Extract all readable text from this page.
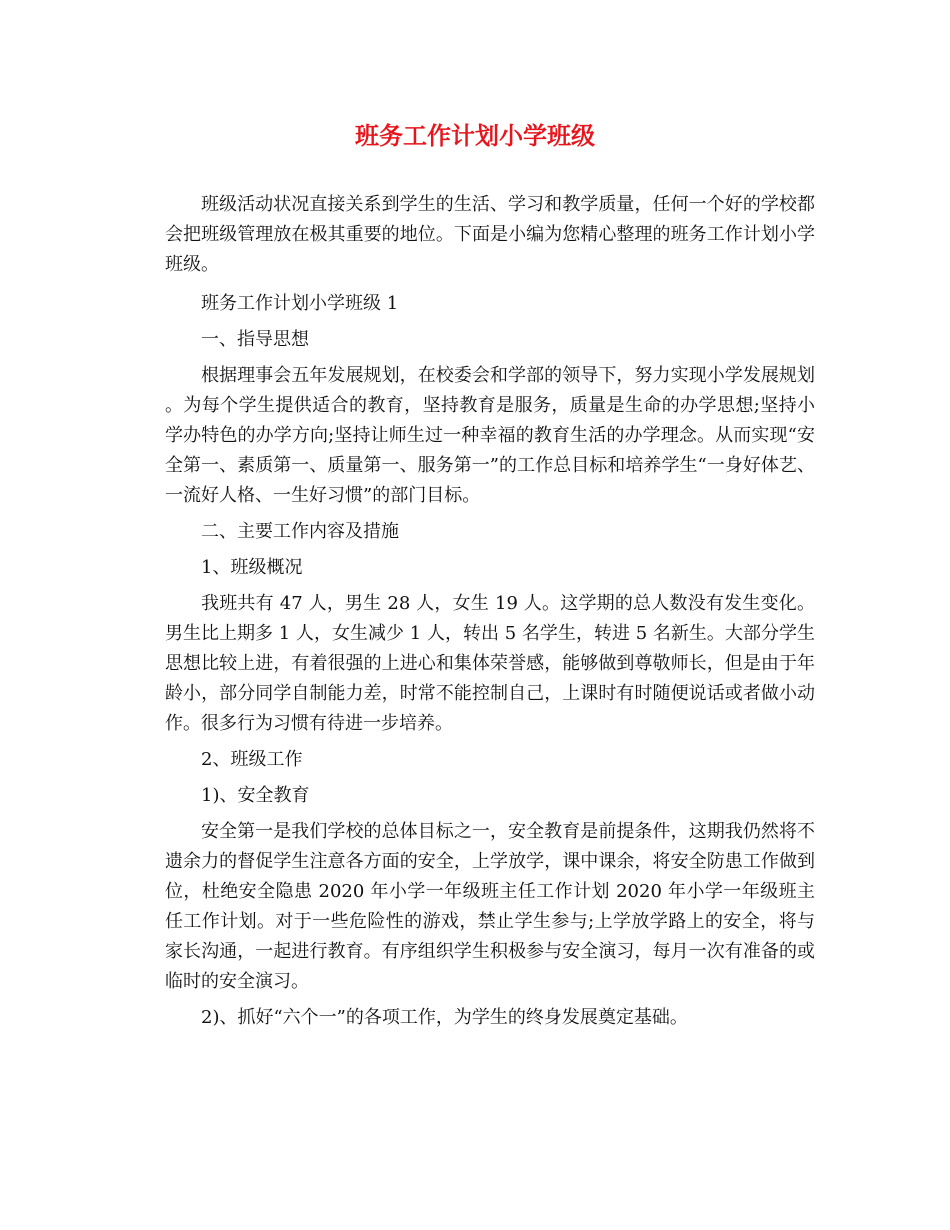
班务工作计划小学班级

班级活动状况直接关系到学生的生活、学习和教学质量，任何一个好的学校都会把班级管理放在极其重要的地位。下面是小编为您精心整理的班务工作计划小学班级。

班务工作计划小学班级 1

一、指导思想

根据理事会五年发展规划，在校委会和学部的领导下，努力实现小学发展规划。为每个学生提供适合的教育，坚持教育是服务，质量是生命的办学思想;坚持小学办特色的办学方向;坚持让师生过一种幸福的教育生活的办学理念。从而实现“安全第一、素质第一、质量第一、服务第一”的工作总目标和培养学生“一身好体艺、一流好人格、一生好习惯”的部门目标。

二、主要工作内容及措施

1、班级概况

我班共有 47 人，男生 28 人，女生 19 人。这学期的总人数没有发生变化。男生比上期多 1 人，女生减少 1 人，转出 5 名学生，转进 5 名新生。大部分学生思想比较上进，有着很强的上进心和集体荣誉感，能够做到尊敬师长，但是由于年龄小，部分同学自制能力差，时常不能控制自己，上课时有时随便说话或者做小动作。很多行为习惯有待进一步培养。

2、班级工作

1)、安全教育

安全第一是我们学校的总体目标之一，安全教育是前提条件，这期我仍然将不遗余力的督促学生注意各方面的安全，上学放学，课中课余，将安全防患工作做到位，杜绝安全隐患 2020 年小学一年级班主任工作计划 2020 年小学一年级班主任工作计划。对于一些危险性的游戏，禁止学生参与;上学放学路上的安全，将与家长沟通，一起进行教育。有序组织学生积极参与安全演习，每月一次有准备的或临时的安全演习。

2)、抓好“六个一”的各项工作，为学生的终身发展奠定基础。
